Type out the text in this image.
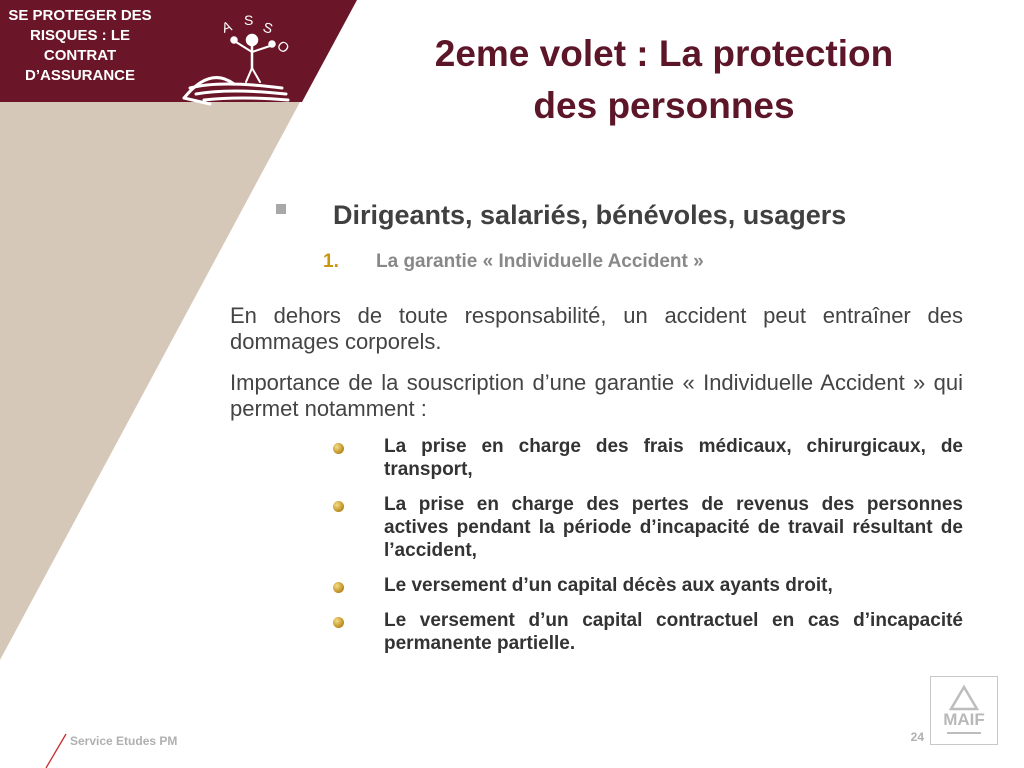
SE PROTEGER DES RISQUES : LE CONTRAT D’ASSURANCE
A S S
O	2eme volet : La protection
des personnes
Dirigeants, salariés, bénévoles, usagers
1. La garantie « Individuelle Accident »
En dehors de toute responsabilité, un accident peut entraîner des dommages corporels.
Importance de la souscription d’une garantie « Individuelle Accident » qui permet notamment :
La prise en charge des frais médicaux, chirurgicaux, de transport,
La prise en charge des pertes de revenus des personnes actives pendant la période d’incapacité de travail résultant de l’accident,
Le versement d’un capital décès aux ayants droit,
Le versement d’un capital contractuel en cas d’incapacité permanente partielle.
Service Etudes PM	24
MAIF
